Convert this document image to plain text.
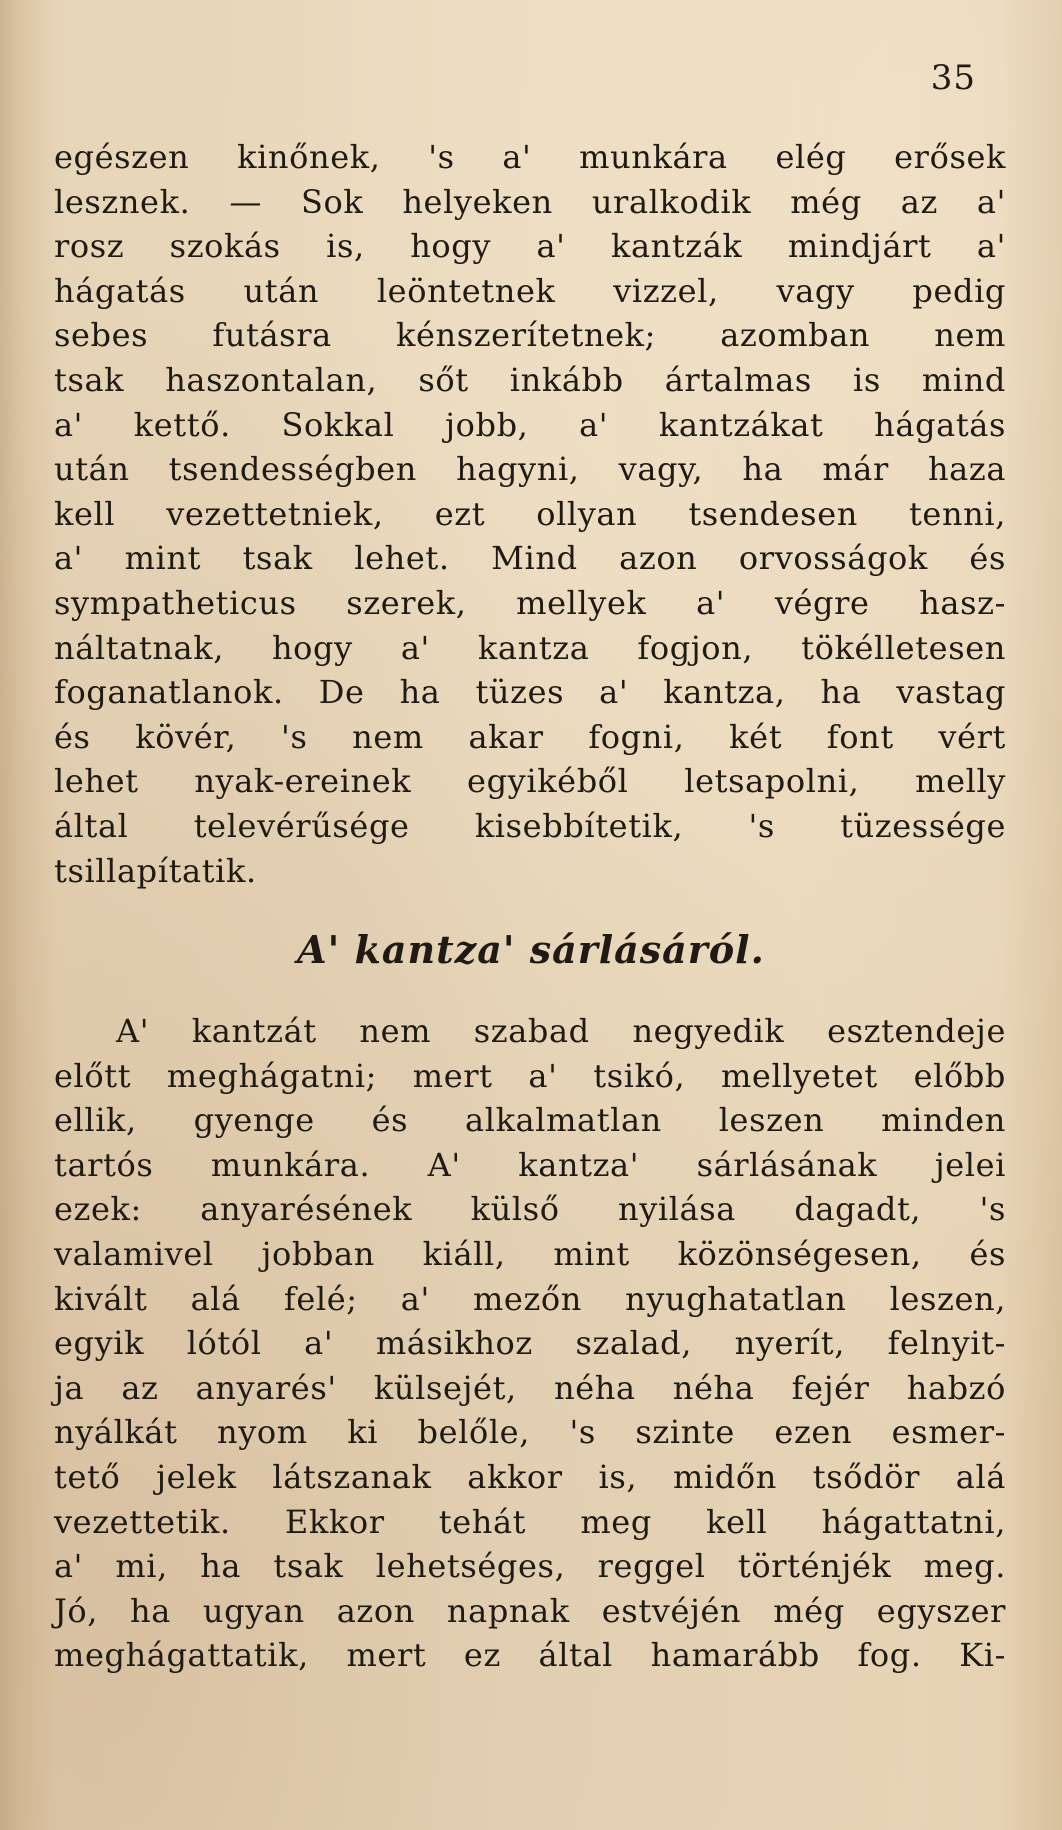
35

egészen kinőnek, 's a' munkára elég erősek
lesznek. — Sok helyeken uralkodik még az a'
rosz szokás is, hogy a' kantzák mindjárt a'
hágatás után leöntetnek vizzel, vagy pedig
sebes futásra kénszerítetnek; azomban nem
tsak haszontalan, sőt inkább ártalmas is mind
a' kettő. Sokkal jobb, a' kantzákat hágatás
után tsendességben hagyni, vagy, ha már haza
kell vezettetniek, ezt ollyan tsendesen tenni,
a' mint tsak lehet. Mind azon orvosságok és
sympatheticus szerek, mellyek a' végre hasz-
náltatnak, hogy a' kantza fogjon, tökélletesen
foganatlanok. De ha tüzes a' kantza, ha vastag
és kövér, 's nem akar fogni, két font vért
lehet nyak-ereinek egyikéből letsapolni, melly
által televérűsége kisebbítetik, 's tüzessége
tsillapítatik.
A' kantza' sárlásáról.
A' kantzát nem szabad negyedik esztendeje
előtt meghágatni; mert a' tsikó, mellyetet előbb
ellik, gyenge és alkalmatlan leszen minden
tartós munkára. A' kantza' sárlásának jelei
ezek: anyarésének külső nyilása dagadt, 's
valamivel jobban kiáll, mint közönségesen, és
kivált alá felé; a' mezőn nyughatatlan leszen,
egyik lótól a' másikhoz szalad, nyerít, felnyit-
ja az anyarés' külsejét, néha néha fejér habzó
nyálkát nyom ki belőle, 's szinte ezen esmer-
tető jelek látszanak akkor is, midőn tsődör alá
vezettetik. Ekkor tehát meg kell hágattatni,
a' mi, ha tsak lehetséges, reggel történjék meg.
Jó, ha ugyan azon napnak estvéjén még egyszer
meghágattatik, mert ez által hamarább fog. Ki-
